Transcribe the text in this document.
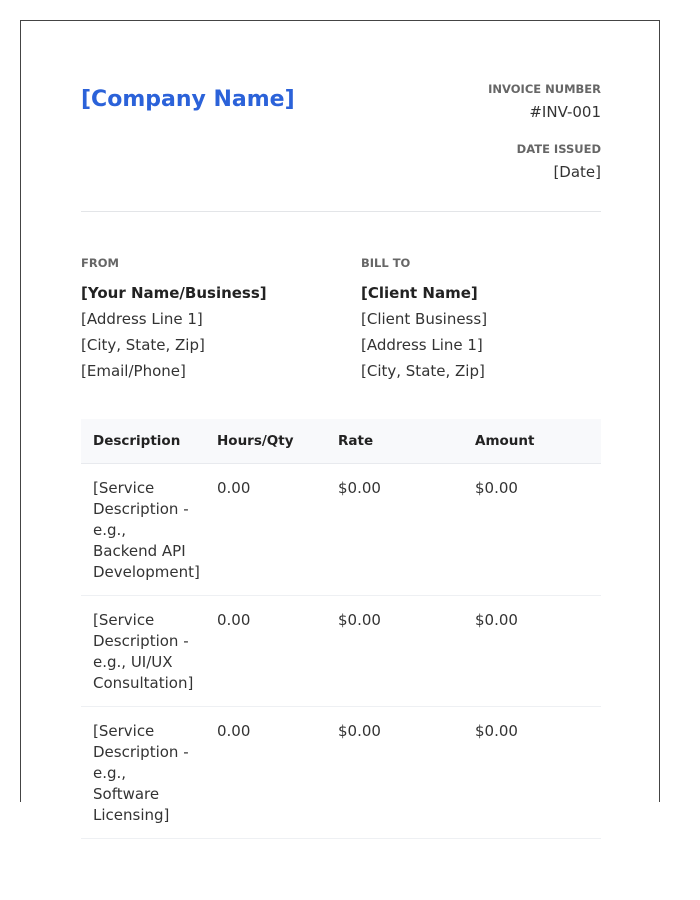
[Company Name]	INVOICE NUMBER
#INV-001
DATE ISSUED
[Date]
FROM
[Your Name/Business]
[Address Line 1]
[City, State, Zip]
[Email/Phone]
BILL TO
[Client Name]
[Client Business]
[Address Line 1]
[City, State, Zip]
Description	Hours/Qty	Rate	Amount
[Service Description - e.g., Backend API Development]	0.00	$0.00	$0.00
[Service Description - e.g., UI/UX Consultation]	0.00	$0.00	$0.00
[Service Description - e.g., Software Licensing]	0.00	$0.00	$0.00
